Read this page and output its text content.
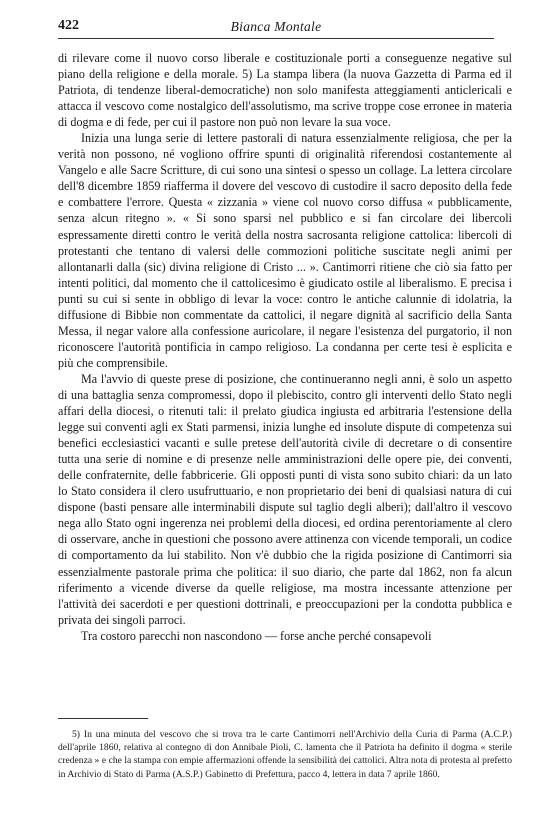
422	Bianca Montale

di rilevare come il nuovo corso liberale e costituzionale porti a conseguenze negative sul piano della religione e della morale. 5) La stampa libera (la nuova Gazzetta di Parma ed il Patriota, di tendenze liberal-democratiche) non solo manifesta atteggiamenti anticlericali e attacca il vescovo come nostalgico dell'assolutismo, ma scrive troppe cose erronee in materia di dogma e di fede, per cui il pastore non può non levare la sua voce.

Inizia una lunga serie di lettere pastorali di natura essenzialmente religiosa, che per la verità non possono, né vogliono offrire spunti di originalità riferendosi costantemente al Vangelo e alle Sacre Scritture, di cui sono una sintesi o spesso un collage. La lettera circolare dell'8 dicembre 1859 riafferma il dovere del vescovo di custodire il sacro deposito della fede e combattere l'errore. Questa « zizzania » viene col nuovo corso diffusa « pubblicamente, senza alcun ritegno ». « Si sono sparsi nel pubblico e si fan circolare dei libercoli espressamente diretti contro le verità della nostra sacrosanta religione cattolica: libercoli di protestanti che tentano di valersi delle commozioni politiche suscitate negli animi per allontanarli dalla (sic) divina religione di Cristo ... ». Cantimorri ritiene che ciò sia fatto per intenti politici, dal momento che il cattolicesimo è giudicato ostile al liberalismo. E precisa i punti su cui si sente in obbligo di levar la voce: contro le antiche calunnie di idolatria, la diffusione di Bibbie non commentate da cattolici, il negare dignità al sacrificio della Santa Messa, il negar valore alla confessione auricolare, il negare l'esistenza del purgatorio, il non riconoscere l'autorità pontificia in campo religioso. La condanna per certe tesi è esplicita e più che comprensibile.

Ma l'avvio di queste prese di posizione, che continueranno negli anni, è solo un aspetto di una battaglia senza compromessi, dopo il plebiscito, contro gli interventi dello Stato negli affari della diocesi, o ritenuti tali: il prelato giudica ingiusta ed arbitraria l'estensione della legge sui conventi agli ex Stati parmensi, inizia lunghe ed insolute dispute di competenza sui benefici ecclesiastici vacanti e sulle pretese dell'autorità civile di decretare o di consentire tutta una serie di nomine e di presenze nelle amministrazioni delle opere pie, dei conventi, delle confraternite, delle fabbricerie. Gli opposti punti di vista sono subito chiari: da un lato lo Stato considera il clero usufruttuario, e non proprietario dei beni di qualsiasi natura di cui dispone (basti pensare alle interminabili dispute sul taglio degli alberi); dall'altro il vescovo nega allo Stato ogni ingerenza nei problemi della diocesi, ed ordina perentoriamente al clero di osservare, anche in questioni che possono avere attinenza con vicende temporali, un codice di comportamento da lui stabilito. Non v'è dubbio che la rigida posizione di Cantimorri sia essenzialmente pastorale prima che politica: il suo diario, che parte dal 1862, non fa alcun riferimento a vicende diverse da quelle religiose, ma mostra incessante attenzione per l'attività dei sacerdoti e per questioni dottrinali, e preoccupazioni per la condotta pubblica e privata dei singoli parroci.

Tra costoro parecchi non nascondono — forse anche perché consapevoli

5) In una minuta del vescovo che si trova tra le carte Cantimorri nell'Archivio della Curia di Parma (A.C.P.) dell'aprile 1860, relativa al contegno di don Annibale Pioli, C. lamenta che il Patriota ha definito il dogma « sterile credenza » e che la stampa con empie affermazioni offende la sensibilità dei cattolici. Altra nota di protesta al prefetto in Archivio di Stato di Parma (A.S.P.) Gabinetto di Prefettura, pacco 4, lettera in data 7 aprile 1860.
